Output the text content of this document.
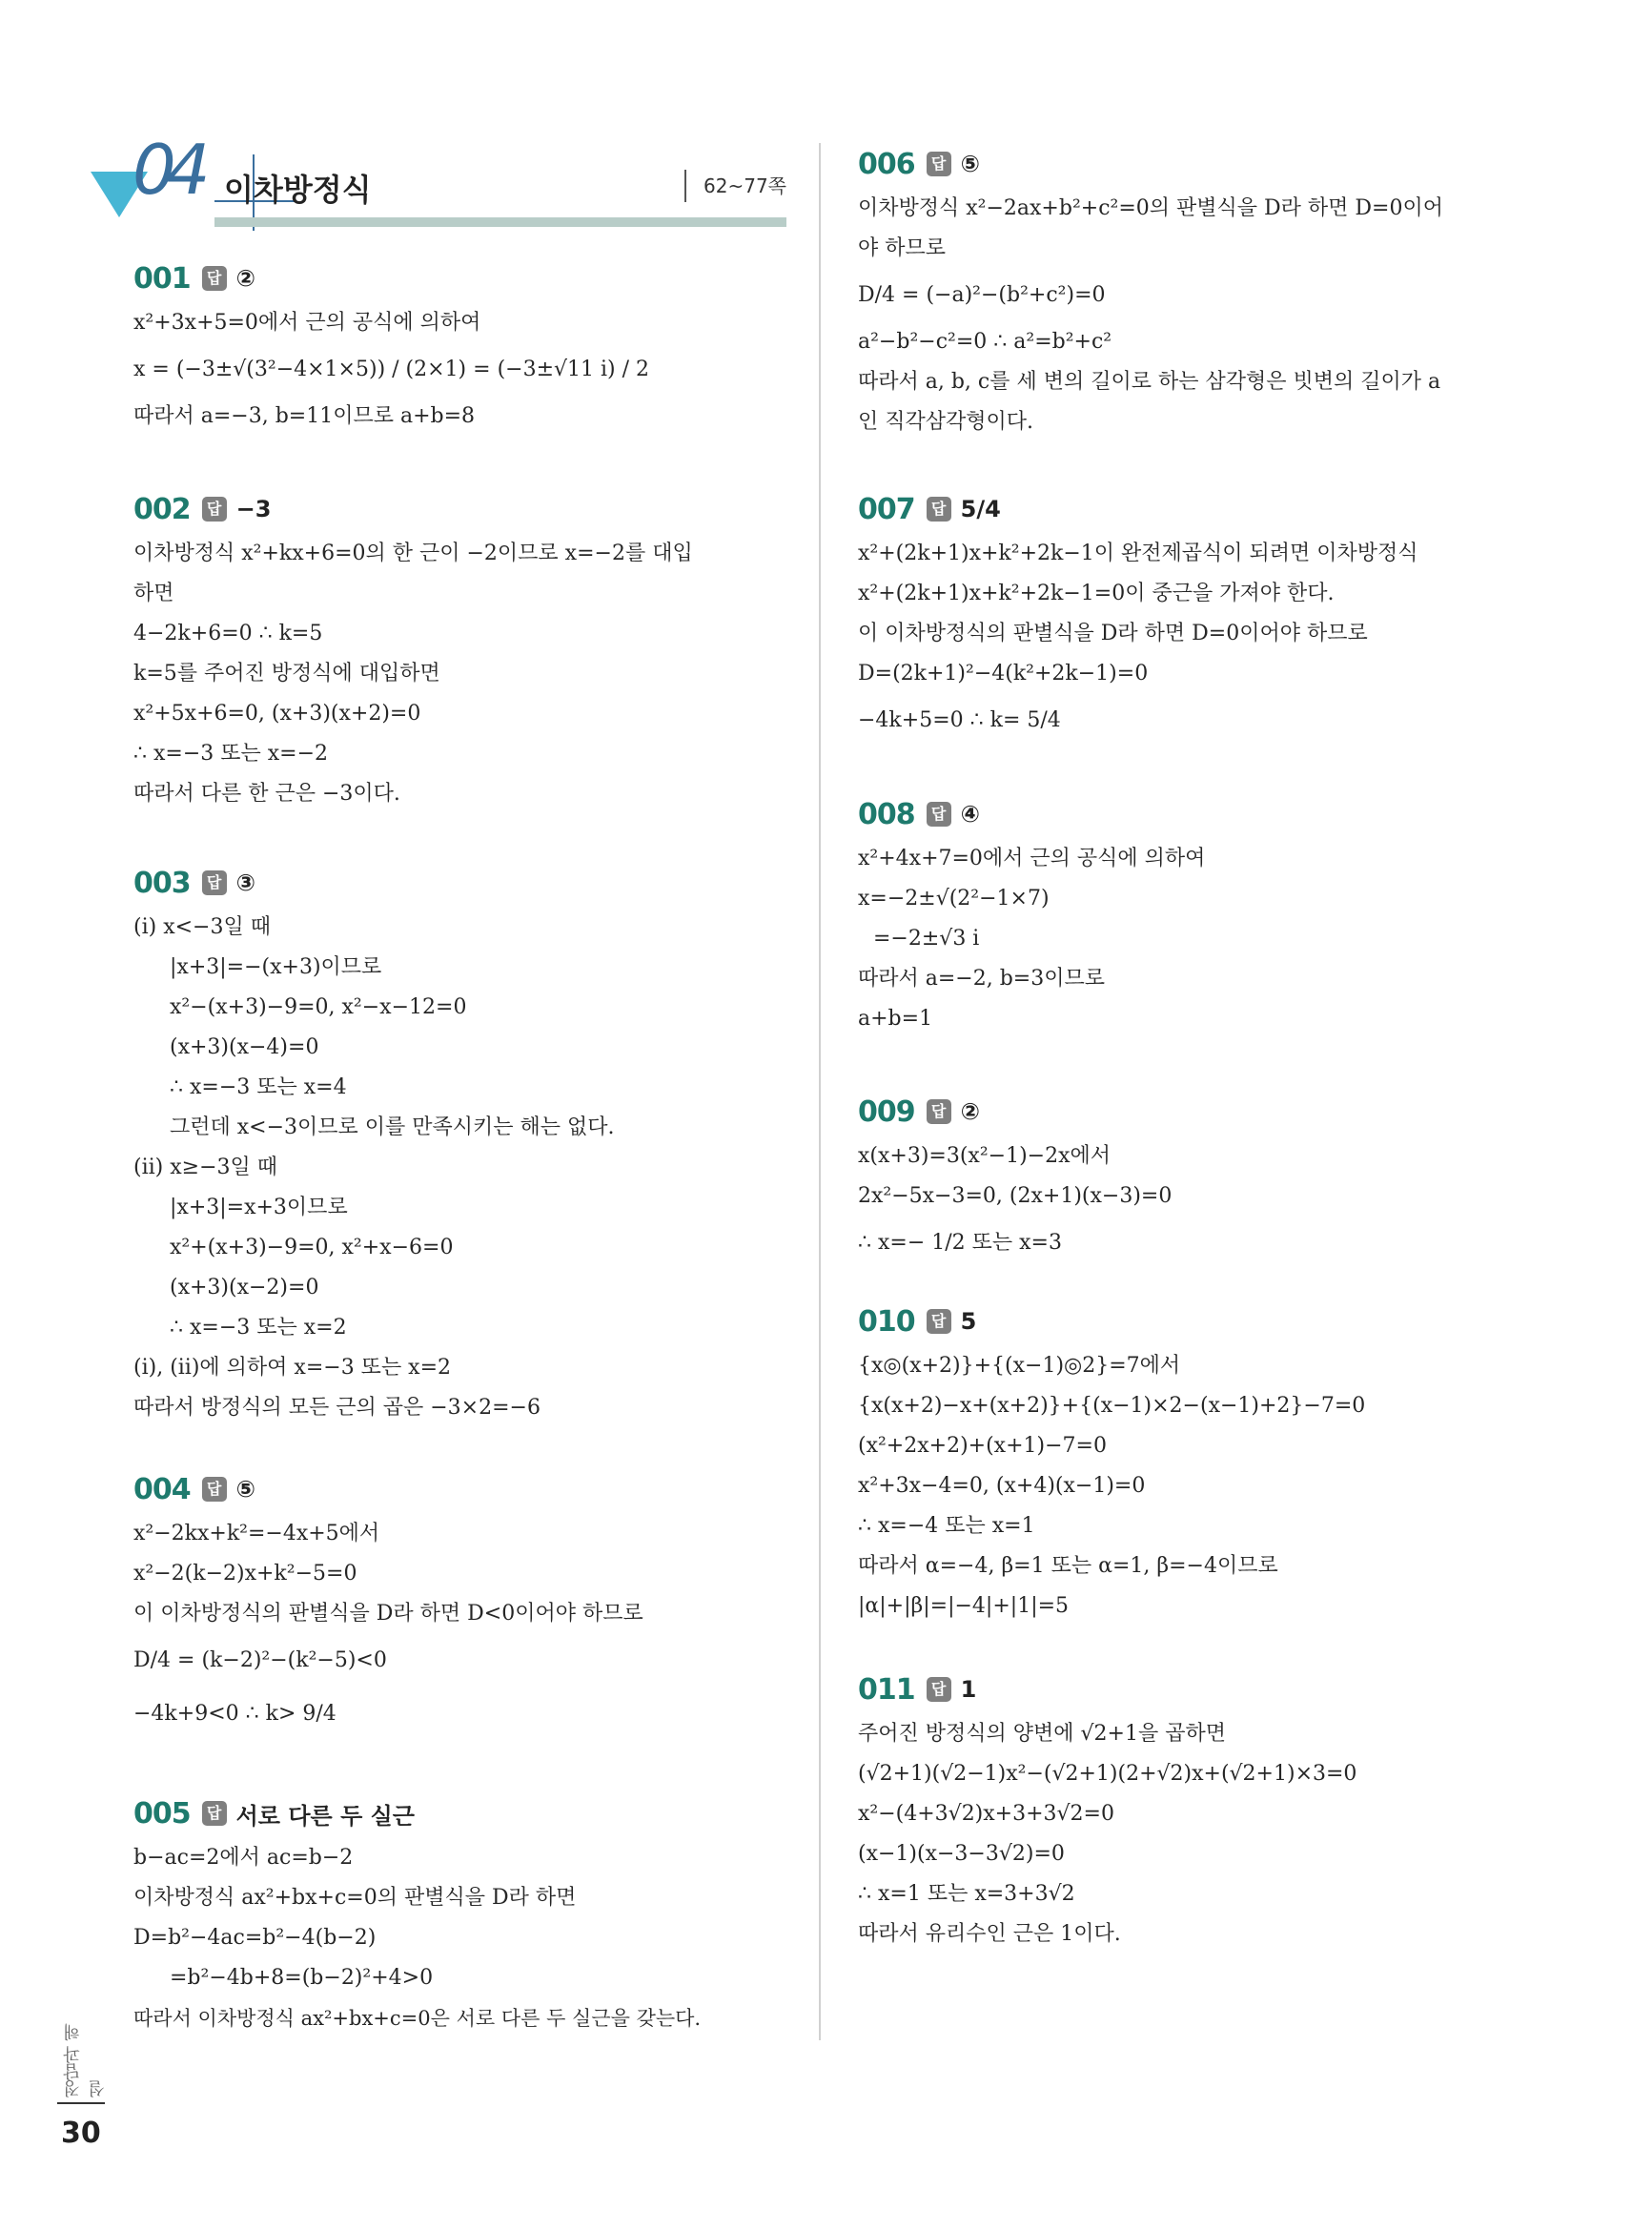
04 이차방정식	62~77쪽
001	답 ②
x²+3x+5=0에서 근의 공식에 의하여
x = (−3±√(3²−4×1×5)) / (2×1) = (−3±√11 i) / 2
따라서 a=−3, b=11이므로 a+b=8
002	답 −3
이차방정식 x²+kx+6=0의 한 근이 −2이므로 x=−2를 대입
하면
4−2k+6=0 ∴ k=5
k=5를 주어진 방정식에 대입하면
x²+5x+6=0, (x+3)(x+2)=0
∴ x=−3 또는 x=−2
따라서 다른 한 근은 −3이다.
003	답 ③
(ⅰ) x<−3일 때
|x+3|=−(x+3)이므로
x²−(x+3)−9=0, x²−x−12=0
(x+3)(x−4)=0
∴ x=−3 또는 x=4
그런데 x<−3이므로 이를 만족시키는 해는 없다.
(ⅱ) x≥−3일 때
|x+3|=x+3이므로
x²+(x+3)−9=0, x²+x−6=0
(x+3)(x−2)=0
∴ x=−3 또는 x=2
(ⅰ), (ⅱ)에 의하여 x=−3 또는 x=2
따라서 방정식의 모든 근의 곱은 −3×2=−6
004	답 ⑤
x²−2kx+k²=−4x+5에서
x²−2(k−2)x+k²−5=0
이 이차방정식의 판별식을 D라 하면 D<0이어야 하므로
D/4 = (k−2)²−(k²−5)<0
−4k+9<0 ∴ k> 9/4
005	답 서로 다른 두 실근
b−ac=2에서 ac=b−2
이차방정식 ax²+bx+c=0의 판별식을 D라 하면
D=b²−4ac=b²−4(b−2)
=b²−4b+8=(b−2)²+4>0
따라서 이차방정식 ax²+bx+c=0은 서로 다른 두 실근을 갖는다.
006	답 ⑤
이차방정식 x²−2ax+b²+c²=0의 판별식을 D라 하면 D=0이어
야 하므로
D/4 = (−a)²−(b²+c²)=0
a²−b²−c²=0 ∴ a²=b²+c²
따라서 a, b, c를 세 변의 길이로 하는 삼각형은 빗변의 길이가 a
인 직각삼각형이다.
007	답 5/4
x²+(2k+1)x+k²+2k−1이 완전제곱식이 되려면 이차방정식
x²+(2k+1)x+k²+2k−1=0이 중근을 가져야 한다.
이 이차방정식의 판별식을 D라 하면 D=0이어야 하므로
D=(2k+1)²−4(k²+2k−1)=0
−4k+5=0 ∴ k= 5/4
008	답 ④
x²+4x+7=0에서 근의 공식에 의하여
x=−2±√(2²−1×7)
=−2±√3 i
따라서 a=−2, b=3이므로
a+b=1
009	답 ②
x(x+3)=3(x²−1)−2x에서
2x²−5x−3=0, (2x+1)(x−3)=0
∴ x=− 1/2 또는 x=3
010	답 5
{x◎(x+2)}+{(x−1)◎2}=7에서
{x(x+2)−x+(x+2)}+{(x−1)×2−(x−1)+2}−7=0
(x²+2x+2)+(x+1)−7=0
x²+3x−4=0, (x+4)(x−1)=0
∴ x=−4 또는 x=1
따라서 α=−4, β=1 또는 α=1, β=−4이므로
|α|+|β|=|−4|+|1|=5
011	답 1
주어진 방정식의 양변에 √2+1을 곱하면
(√2+1)(√2−1)x²−(√2+1)(2+√2)x+(√2+1)×3=0
x²−(4+3√2)x+3+3√2=0
(x−1)(x−3−3√2)=0
∴ x=1 또는 x=3+3√2
따라서 유리수인 근은 1이다.
정답과 해설
30
